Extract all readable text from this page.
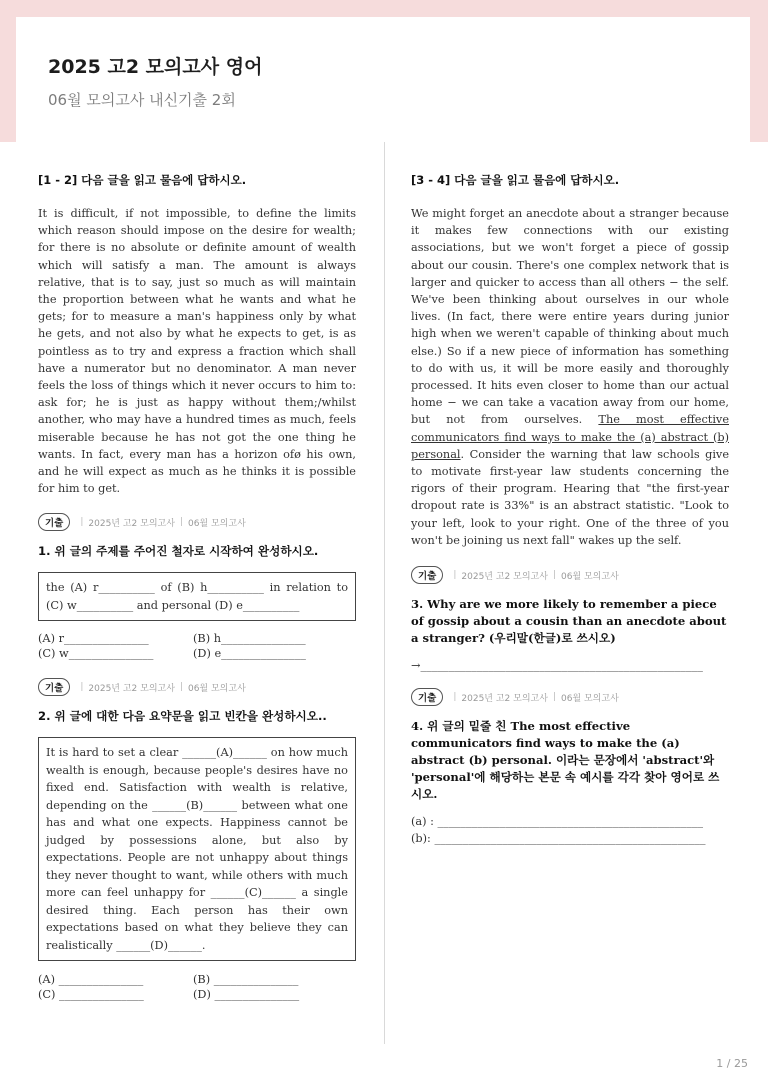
2025 고2 모의고사 영어
06월 모의고사 내신기출 2회
[1 - 2] 다음 글을 읽고 물음에 답하시오.

It is difficult, if not impossible, to define the limits which reason should impose on the desire for wealth; for there is no absolute or definite amount of wealth which will satisfy a man. The amount is always relative, that is to say, just so much as will maintain the proportion between what he wants and what he gets; for to measure a man's happiness only by what he gets, and not also by what he expects to get, is as pointless as to try and express a fraction which shall have a numerator but no denominator. A man never feels the loss of things which it never occurs to him to: ask for; he is just as happy without them;/whilst another, who may have a hundred times as much, feels miserable because he has not got the one thing he wants. In fact, every man has a horizon ofø his own, and he will expect as much as he thinks it is possible for him to get.

기출	| 2025년 고2 모의고사 | 06월 모의고사

1. 위 글의 주제를 주어진 철자로 시작하여 완성하시오.

the (A) r__________ of (B) h__________ in relation to (C) w__________ and personal (D) e__________
(A) r_______________	(B) h_______________
(C) w_______________	(D) e_______________
기출	| 2025년 고2 모의고사 | 06월 모의고사

2. 위 글에 대한 다음 요약문을 읽고 빈칸을 완성하시오..

It is hard to set a clear ______(A)______ on how much wealth is enough, because people's desires have no fixed end. Satisfaction with wealth is relative, depending on the ______(B)______ between what one has and what one expects. Happiness cannot be judged by possessions alone, but also by expectations. People are not unhappy about things they never thought to want, while others with much more can feel unhappy for ______(C)______ a single desired thing. Each person has their own expectations based on what they believe they can realistically ______(D)______.
(A) _______________	(B) _______________
(C) _______________	(D) _______________
[3 - 4] 다음 글을 읽고 물음에 답하시오.

We might forget an anecdote about a stranger because it makes few connections with our existing associations, but we won't forget a piece of gossip about our cousin. There's one complex network that is larger and quicker to access than all others − the self. We've been thinking about ourselves in our whole lives. (In fact, there were entire years during junior high when we weren't capable of thinking about much else.) So if a new piece of information has something to do with us, it will be more easily and thoroughly processed. It hits even closer to home than our actual home − we can take a vacation away from our home, but not from ourselves. The most effective communicators find ways to make the (a) abstract (b) personal. Consider the warning that law schools give to motivate first-year law students concerning the rigors of their program. Hearing that "the first-year dropout rate is 33%" is an abstract statistic. "Look to your left, look to your right. One of the three of you won't be joining us next fall" wakes up the self.

기출	| 2025년 고2 모의고사 | 06월 모의고사

3. Why are we more likely to remember a piece of gossip about a cousin than an anecdote about a stranger? (우리말(한글)로 쓰시오)

→__________________________________________________
기출	| 2025년 고2 모의고사 | 06월 모의고사

4. 위 글의 밑줄 친 The most effective communicators find ways to make the (a) abstract (b) personal. 이라는 문장에서 'abstract'와 'personal'에 해당하는 본문 속 예시를 각각 찾아 영어로 쓰시오.

(a) : _______________________________________________
(b): ________________________________________________
1 / 25
